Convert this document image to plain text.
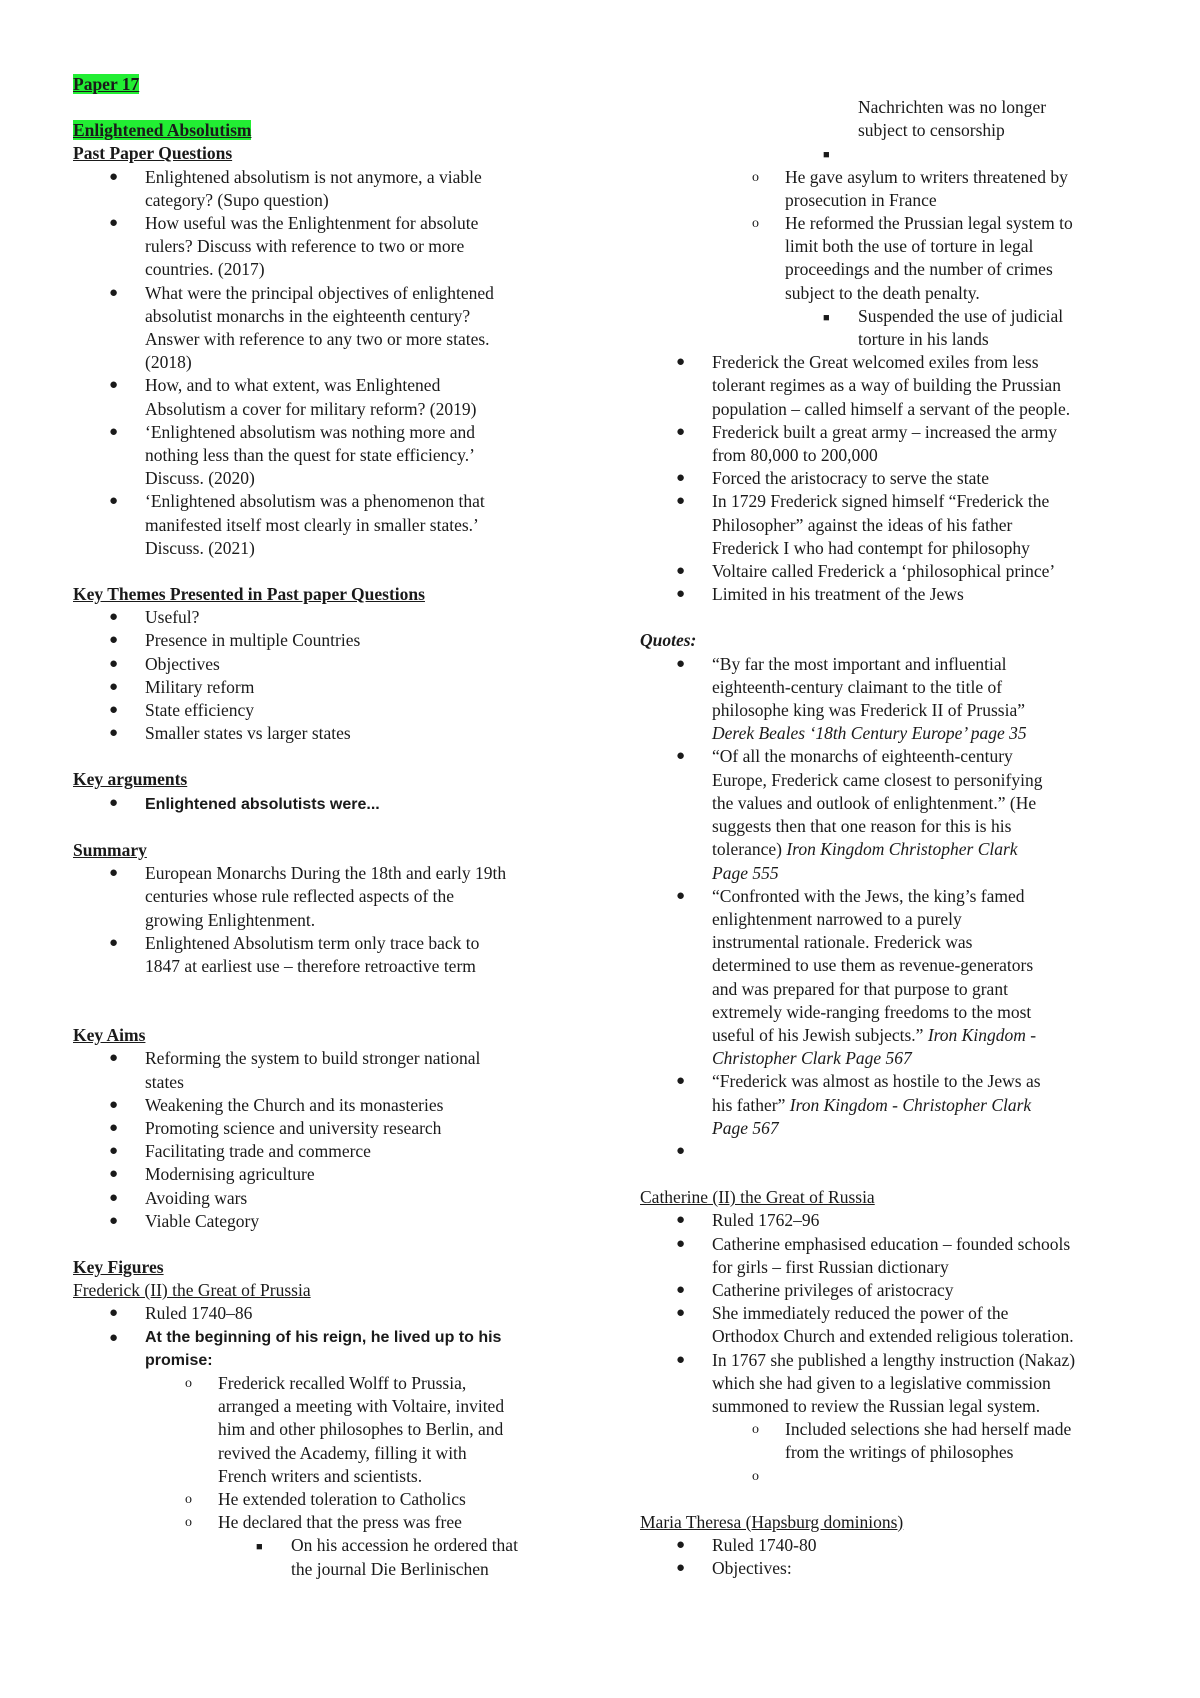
Paper 17
Enlightened Absolutism
Past Paper Questions
● Enlightened absolutism is not anymore, a viable
category? (Supo question)
● How useful was the Enlightenment for absolute
rulers? Discuss with reference to two or more
countries. (2017)
● What were the principal objectives of enlightened
absolutist monarchs in the eighteenth century?
Answer with reference to any two or more states.
(2018)
● How, and to what extent, was Enlightened
Absolutism a cover for military reform? (2019)
● ‘Enlightened absolutism was nothing more and
nothing less than the quest for state efficiency.’
Discuss. (2020)
● ‘Enlightened absolutism was a phenomenon that
manifested itself most clearly in smaller states.’
Discuss. (2021)
Key Themes Presented in Past paper Questions
● Useful?
● Presence in multiple Countries
● Objectives
● Military reform
● State efficiency
● Smaller states vs larger states
Key arguments
● Enlightened absolutists were...
Summary
● European Monarchs During the 18th and early 19th
centuries whose rule reflected aspects of the
growing Enlightenment.
● Enlightened Absolutism term only trace back to
1847 at earliest use – therefore retroactive term
Key Aims
● Reforming the system to build stronger national
states
● Weakening the Church and its monasteries
● Promoting science and university research
● Facilitating trade and commerce
● Modernising agriculture
● Avoiding wars
● Viable Category
Key Figures
Frederick (II) the Great of Prussia
● Ruled 1740–86
● At the beginning of his reign, he lived up to his
promise:
o Frederick recalled Wolff to Prussia,
arranged a meeting with Voltaire, invited
him and other philosophes to Berlin, and
revived the Academy, filling it with
French writers and scientists.
o He extended toleration to Catholics
o He declared that the press was free
■ On his accession he ordered that
the journal Die Berlinischen
Nachrichten was no longer
subject to censorship
■

o He gave asylum to writers threatened by
prosecution in France
o He reformed the Prussian legal system to
limit both the use of torture in legal
proceedings and the number of crimes
subject to the death penalty.
■ Suspended the use of judicial
torture in his lands
● Frederick the Great welcomed exiles from less
tolerant regimes as a way of building the Prussian
population – called himself a servant of the people.
● Frederick built a great army – increased the army
from 80,000 to 200,000
● Forced the aristocracy to serve the state
● In 1729 Frederick signed himself “Frederick the
Philosopher” against the ideas of his father
Frederick I who had contempt for philosophy
● Voltaire called Frederick a ‘philosophical prince’
● Limited in his treatment of the Jews
Quotes:
● “By far the most important and influential
eighteenth-century claimant to the title of
philosophe king was Frederick II of Prussia”
Derek Beales ‘18th Century Europe’ page 35
● “Of all the monarchs of eighteenth-century
Europe, Frederick came closest to personifying
the values and outlook of enlightenment.” (He
suggests then that one reason for this is his
tolerance) Iron Kingdom Christopher Clark
Page 555
● “Confronted with the Jews, the king’s famed
enlightenment narrowed to a purely
instrumental rationale. Frederick was
determined to use them as revenue-generators
and was prepared for that purpose to grant
extremely wide-ranging freedoms to the most
useful of his Jewish subjects.” Iron Kingdom -
Christopher Clark Page 567
● “Frederick was almost as hostile to the Jews as
his father” Iron Kingdom - Christopher Clark
Page 567
●

Catherine (II) the Great of Russia
● Ruled 1762–96
● Catherine emphasised education – founded schools
for girls – first Russian dictionary
● Catherine privileges of aristocracy
● She immediately reduced the power of the
Orthodox Church and extended religious toleration.
● In 1767 she published a lengthy instruction (Nakaz)
which she had given to a legislative commission
summoned to review the Russian legal system.
o Included selections she had herself made
from the writings of philosophes
o

Maria Theresa (Hapsburg dominions)
● Ruled 1740-80
● Objectives:
